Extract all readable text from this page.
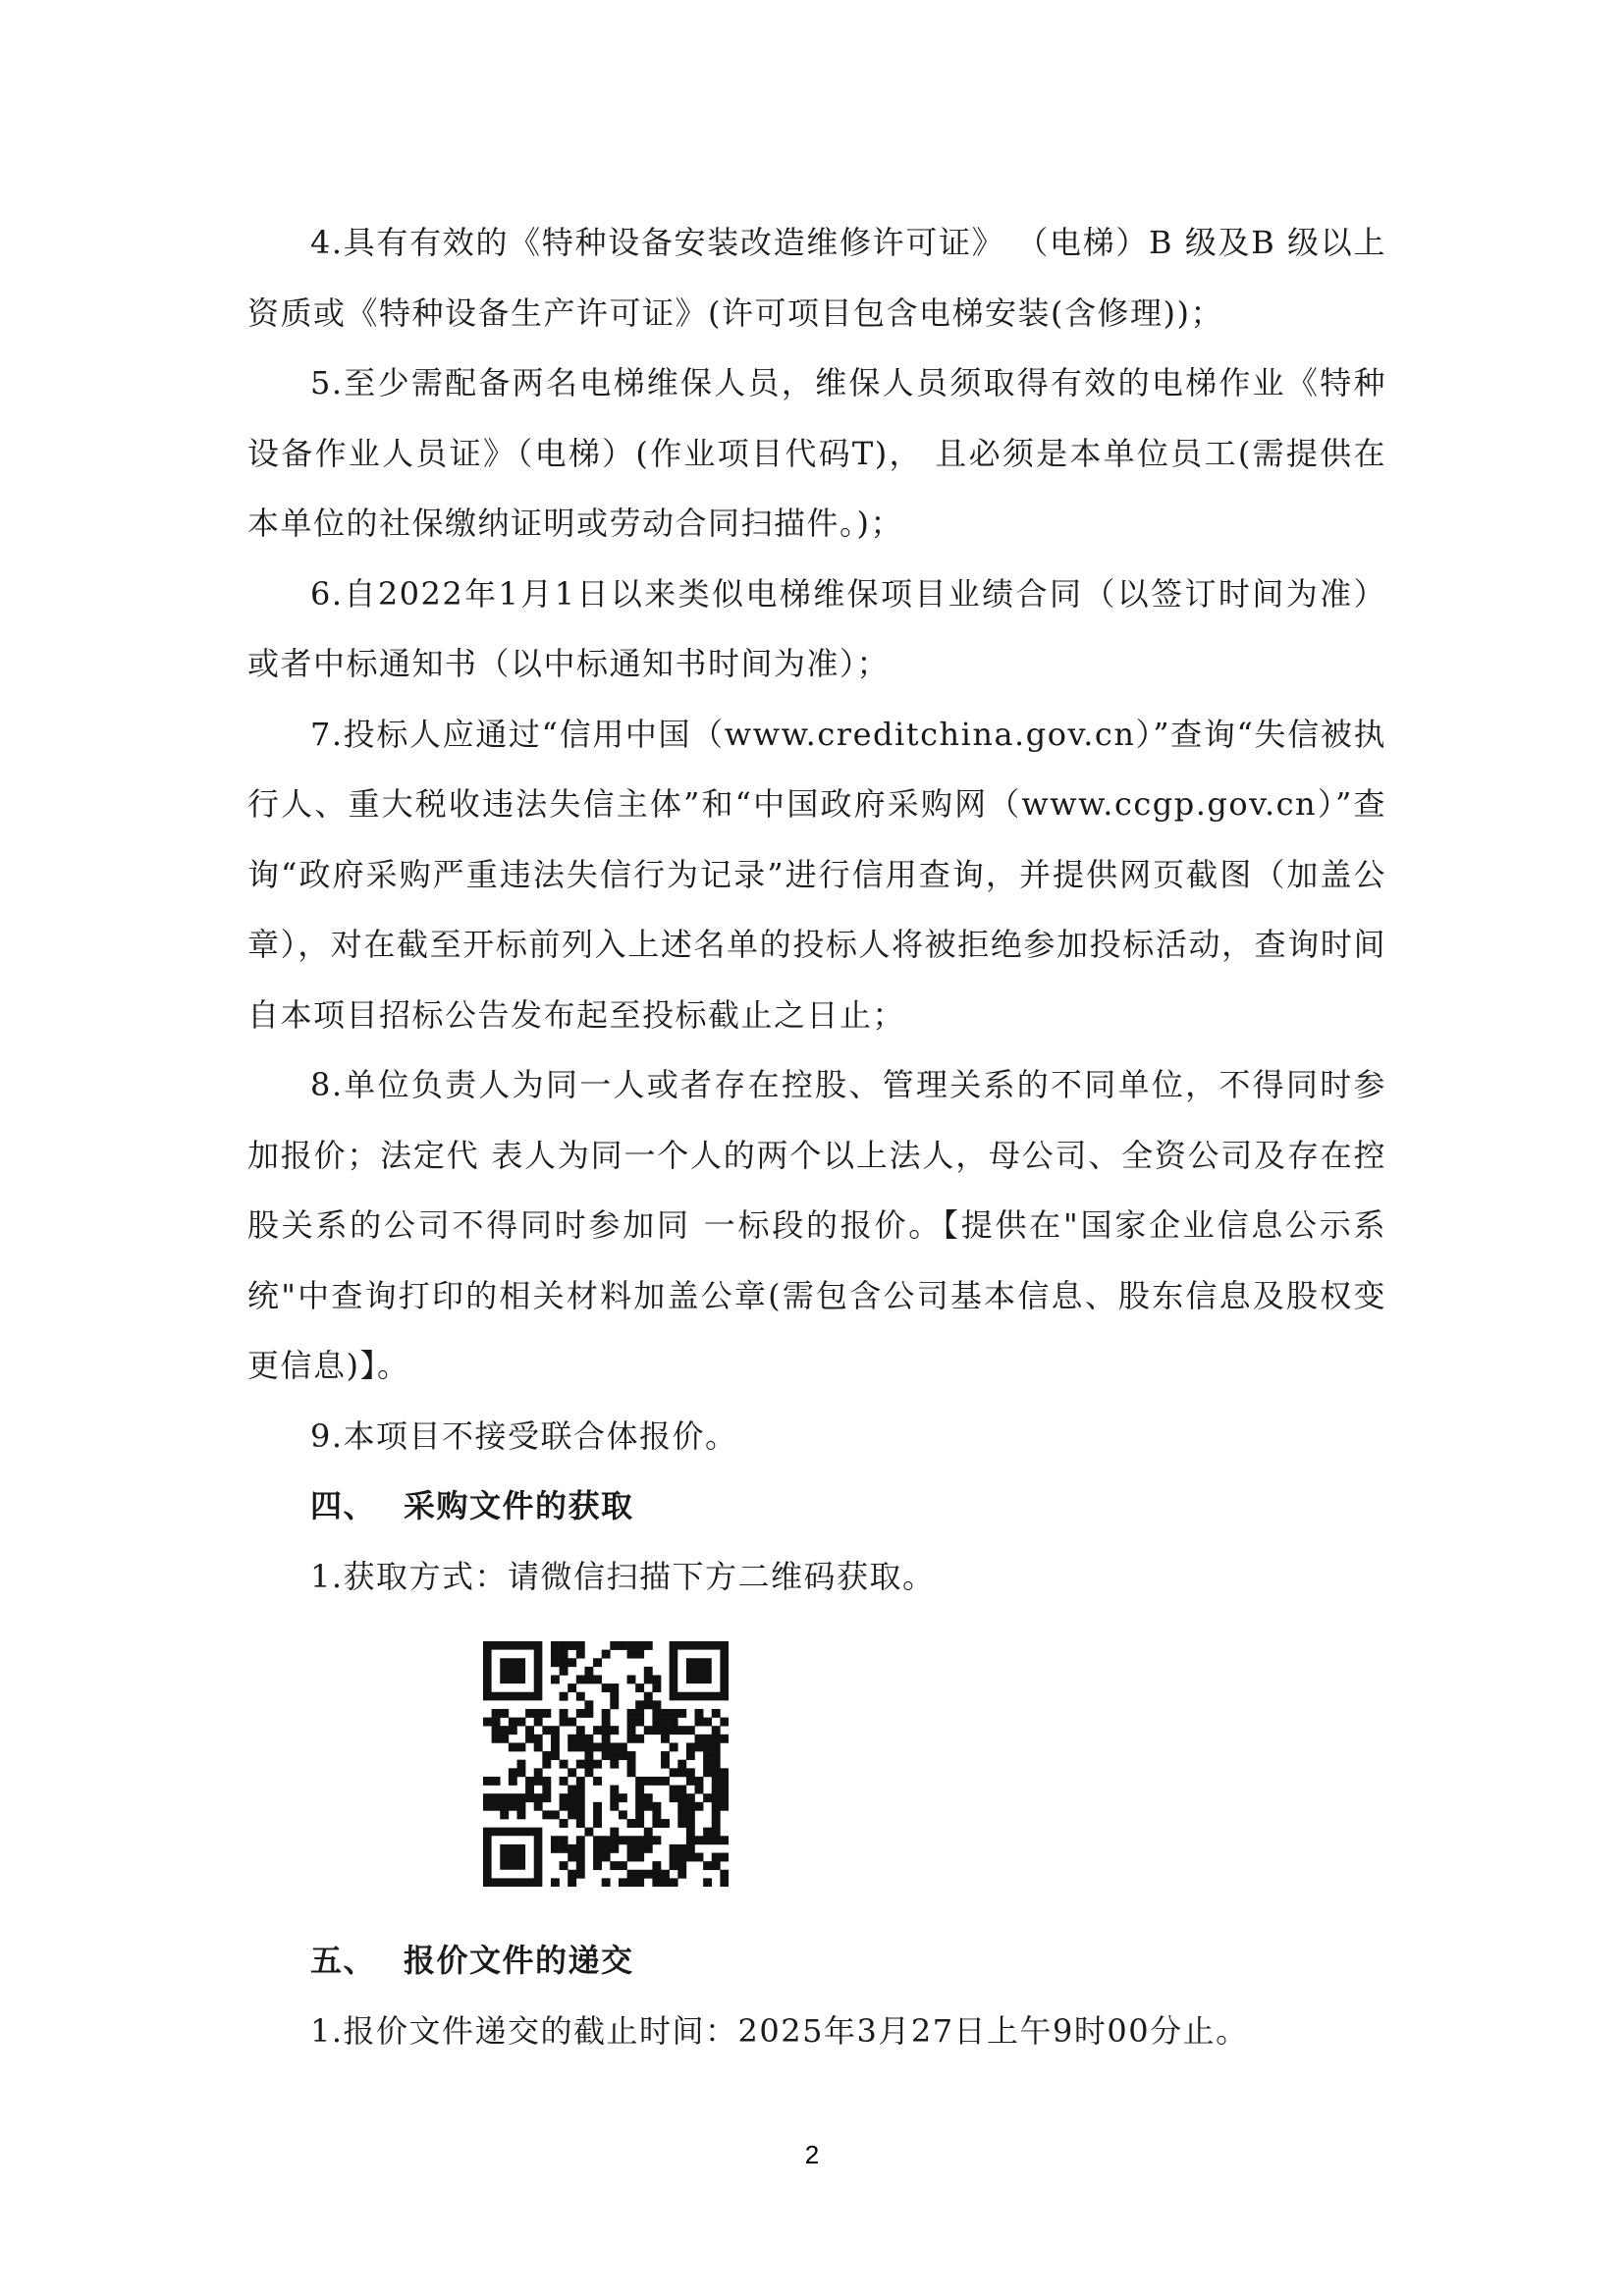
4.具有有效的《特种设备安装改造维修许可证》 （电梯）B 级及B 级以上资质或《特种设备生产许可证》(许可项目包含电梯安装(含修理))；

5.至少需配备两名电梯维保人员，维保人员须取得有效的电梯作业《特种设备作业人员证》（电梯）(作业项目代码T)， 且必须是本单位员工(需提供在本单位的社保缴纳证明或劳动合同扫描件。)；

6.自2022年1月1日以来类似电梯维保项目业绩合同（以签订时间为准）或者中标通知书（以中标通知书时间为准）；

7.投标人应通过“信用中国（www.creditchina.gov.cn）”查询“失信被执行人、重大税收违法失信主体”和“中国政府采购网（www.ccgp.gov.cn）”查询“政府采购严重违法失信行为记录”进行信用查询，并提供网页截图（加盖公章），对在截至开标前列入上述名单的投标人将被拒绝参加投标活动，查询时间自本项目招标公告发布起至投标截止之日止；

8.单位负责人为同一人或者存在控股、管理关系的不同单位，不得同时参加报价；法定代 表人为同一个人的两个以上法人，母公司、全资公司及存在控股关系的公司不得同时参加同 一标段的报价。【提供在"国家企业信息公示系统"中查询打印的相关材料加盖公章(需包含公司基本信息、股东信息及股权变更信息)】。

9.本项目不接受联合体报价。

四、 采购文件的获取

1.获取方式：请微信扫描下方二维码获取。

五、 报价文件的递交

1.报价文件递交的截止时间：2025年3月27日上午9时00分止。

2
